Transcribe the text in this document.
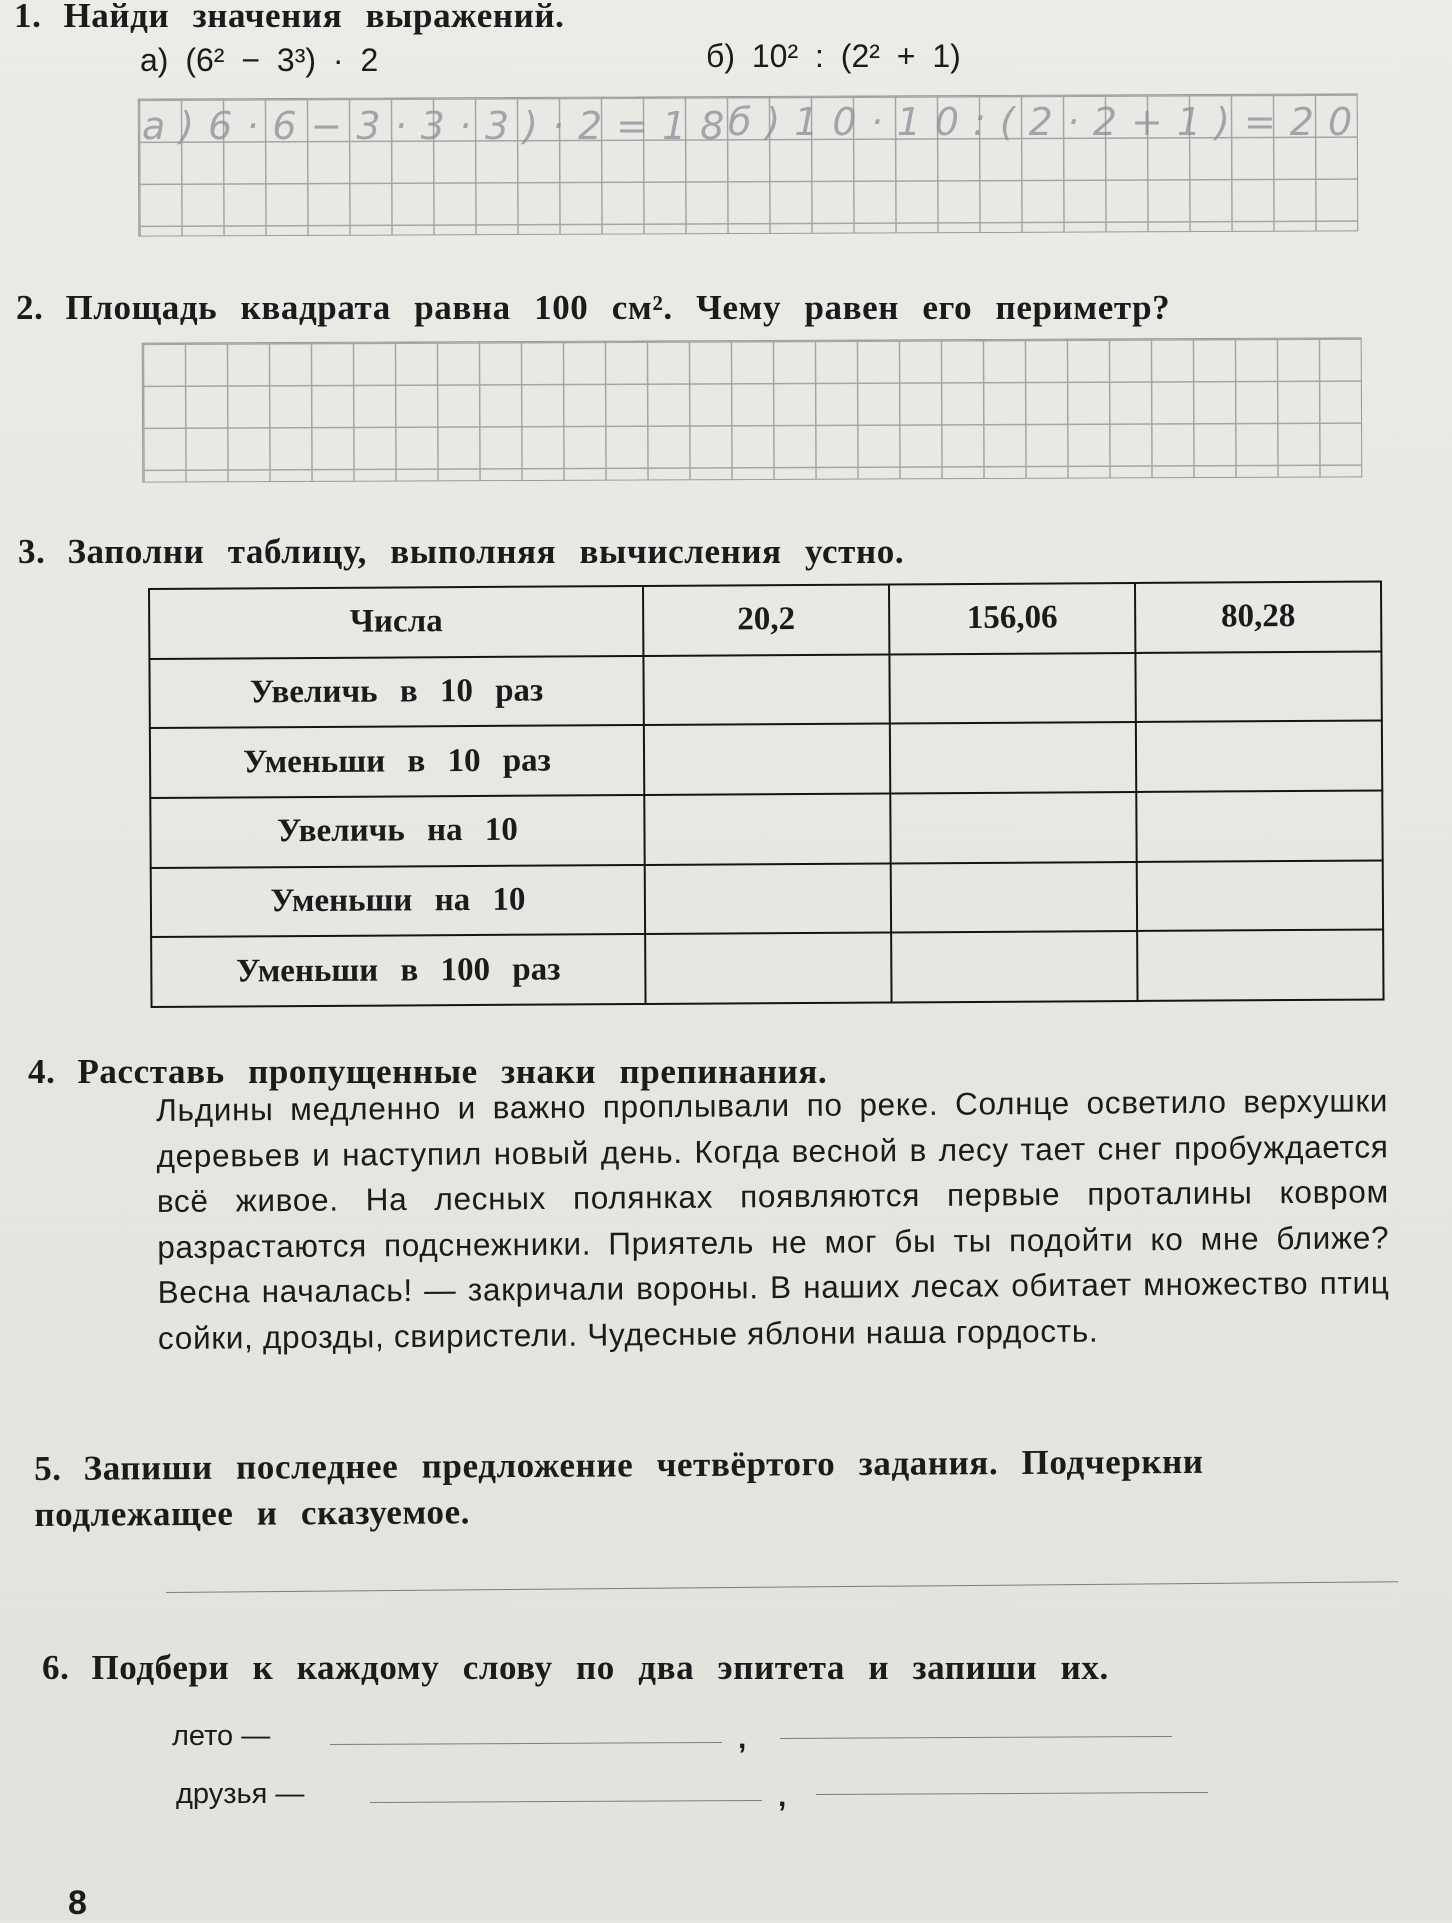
1. Найди значения выражений.
а) (6² − 3³) · 2	б) 10² : (2² + 1)
а)6·6−3·3·3)·2=18
б)10·10:(2·2+1)=20
2. Площадь квадрата равна 100 см². Чему равен его периметр?
3. Заполни таблицу, выполняя вычисления устно.
Числа	20,2	156,06	80,28
Увеличь в 10 раз			
Уменьши в 10 раз			
Увеличь на 10			
Уменьши на 10			
Уменьши в 100 раз			
4. Расставь пропущенные знаки препинания.
Льдины медленно и важно проплывали по реке. Солнце осветило верхушки деревьев и наступил новый день. Когда весной в лесу тает снег пробуждается всё живое. На лесных полянках появляются первые проталины ковром разрастаются подснежники. Приятель не мог бы ты подойти ко мне ближе? Весна началась! — закричали вороны. В наших лесах обитает множество птиц сойки, дрозды, свиристели. Чудесные яблони наша гордость.
5. Запиши последнее предложение четвёртого задания. Подчеркни подлежащее и сказуемое.
6. Подбери к каждому слову по два эпитета и запиши их.
лето —	,
друзья —	,
8
